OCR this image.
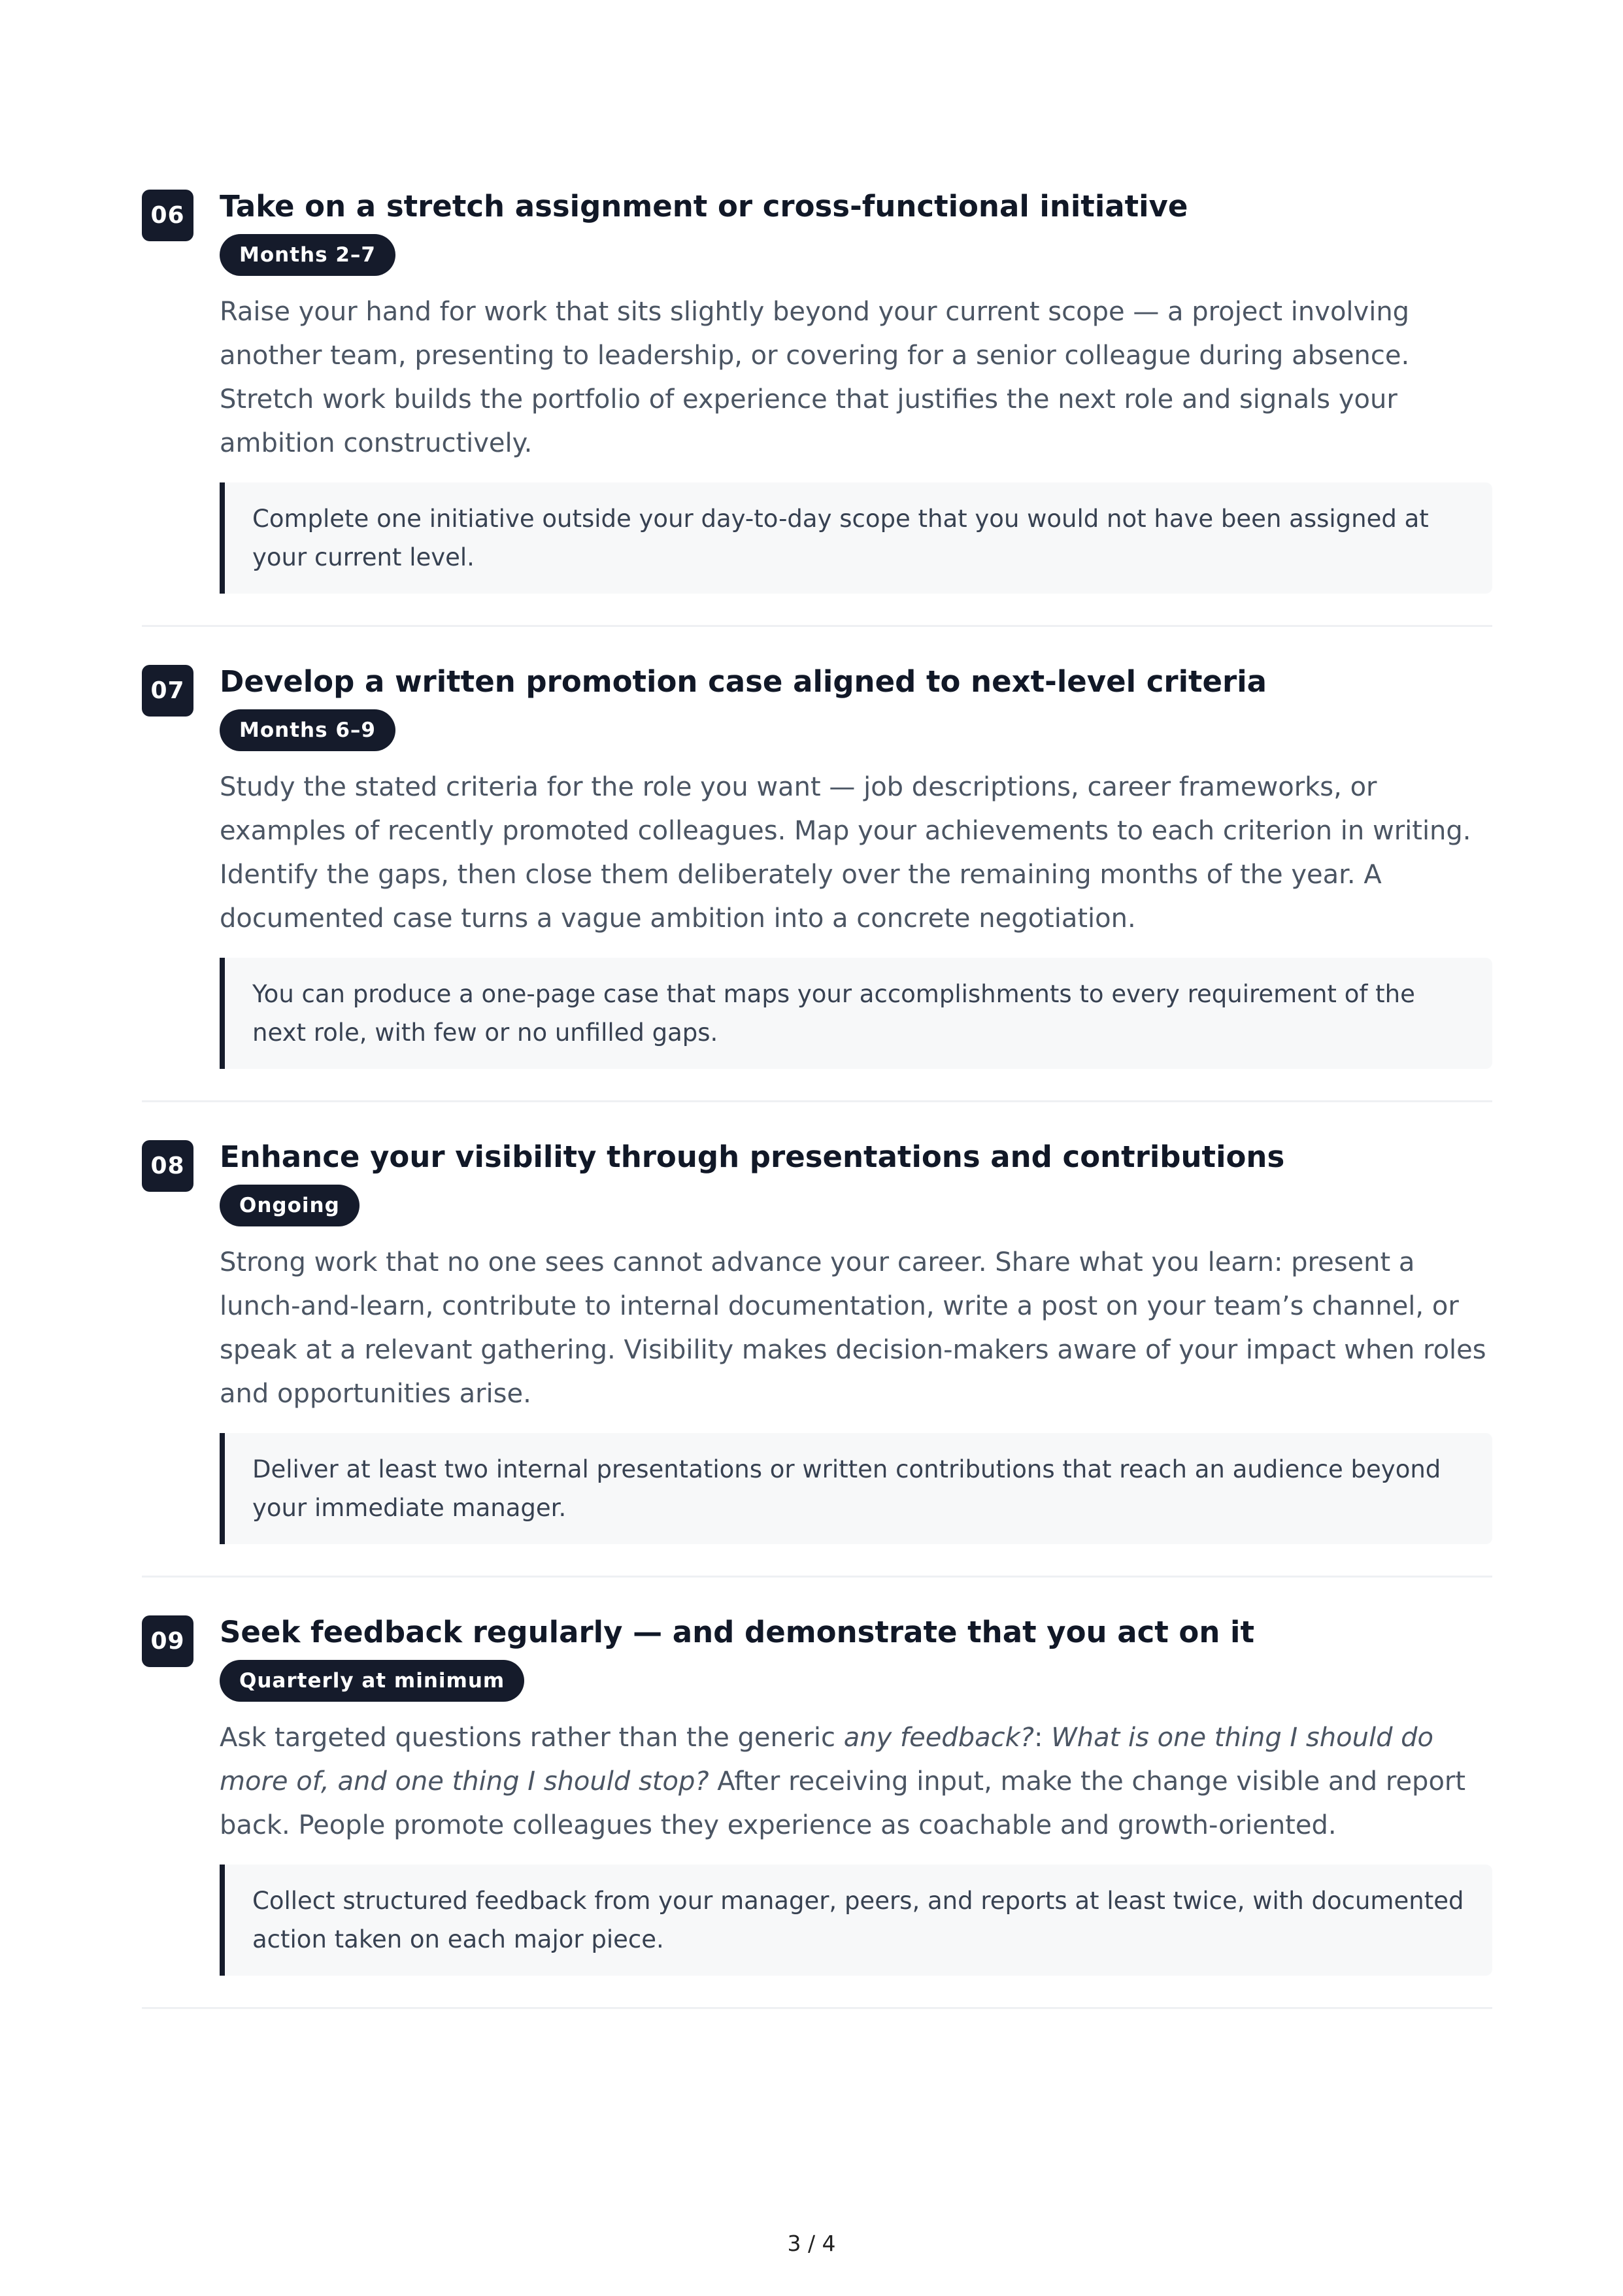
06 Take on a stretch assignment or cross-functional initiative
Months 2–7

Raise your hand for work that sits slightly beyond your current scope — a project involving another team, presenting to leadership, or covering for a senior colleague during absence. Stretch work builds the portfolio of experience that justifies the next role and signals your ambition constructively.

Complete one initiative outside your day-to-day scope that you would not have been assigned at your current level.
07 Develop a written promotion case aligned to next-level criteria
Months 6–9

Study the stated criteria for the role you want — job descriptions, career frameworks, or examples of recently promoted colleagues. Map your achievements to each criterion in writing. Identify the gaps, then close them deliberately over the remaining months of the year. A documented case turns a vague ambition into a concrete negotiation.

You can produce a one-page case that maps your accomplishments to every requirement of the next role, with few or no unfilled gaps.
08 Enhance your visibility through presentations and contributions
Ongoing

Strong work that no one sees cannot advance your career. Share what you learn: present a lunch-and-learn, contribute to internal documentation, write a post on your team’s channel, or speak at a relevant gathering. Visibility makes decision-makers aware of your impact when roles and opportunities arise.

Deliver at least two internal presentations or written contributions that reach an audience beyond your immediate manager.
09 Seek feedback regularly — and demonstrate that you act on it
Quarterly at minimum

Ask targeted questions rather than the generic any feedback?: What is one thing I should do more of, and one thing I should stop? After receiving input, make the change visible and report back. People promote colleagues they experience as coachable and growth-oriented.

Collect structured feedback from your manager, peers, and reports at least twice, with documented action taken on each major piece.
3 / 4
